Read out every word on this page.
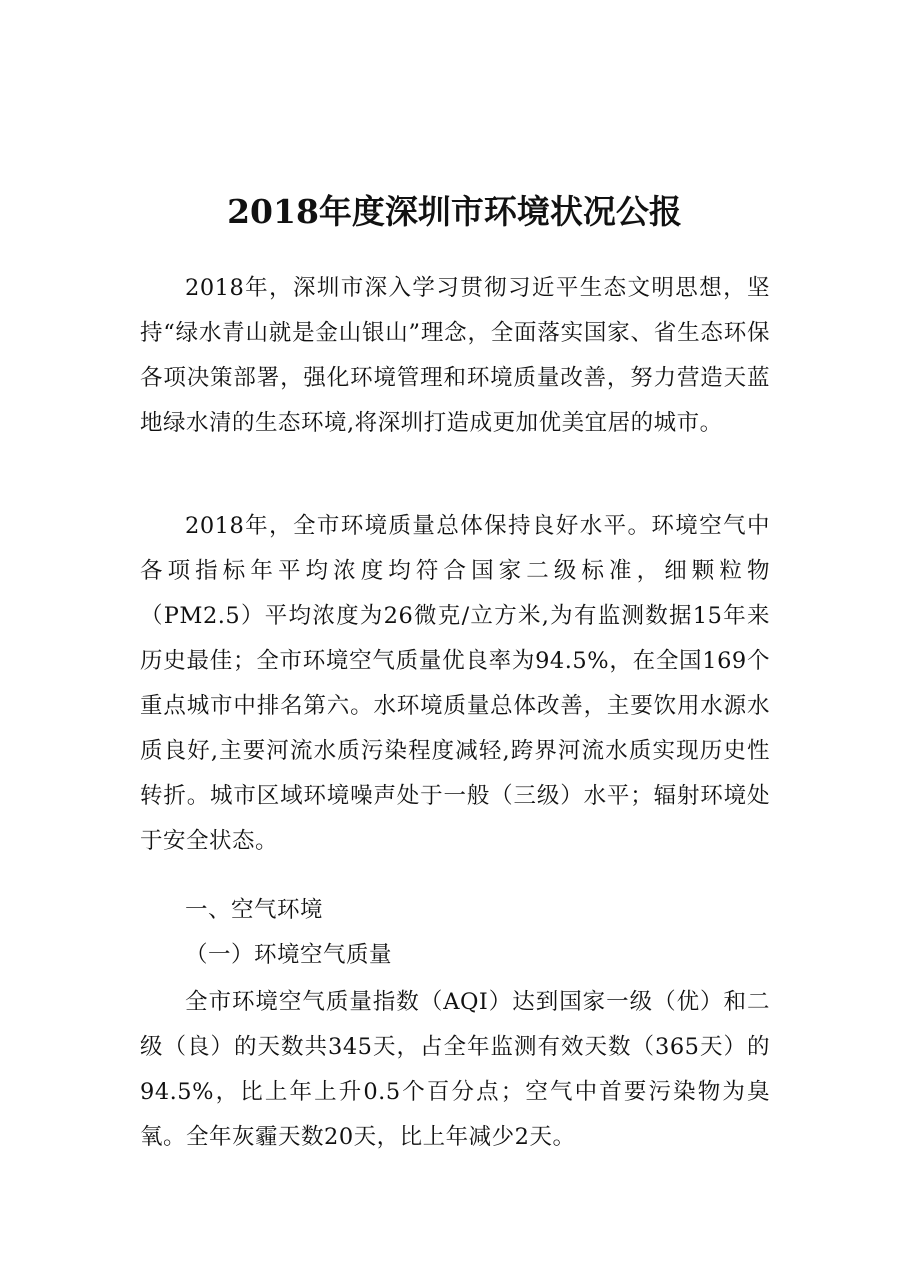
2018年度深圳市环境状况公报

2018年，深圳市深入学习贯彻习近平生态文明思想，坚持“绿水青山就是金山银山”理念，全面落实国家、省生态环保各项决策部署，强化环境管理和环境质量改善，努力营造天蓝地绿水清的生态环境,将深圳打造成更加优美宜居的城市。

2018年，全市环境质量总体保持良好水平。环境空气中各项指标年平均浓度均符合国家二级标准，细颗粒物（PM2.5）平均浓度为26微克/立方米,为有监测数据15年来历史最佳；全市环境空气质量优良率为94.5%，在全国169个重点城市中排名第六。水环境质量总体改善，主要饮用水源水质良好,主要河流水质污染程度减轻,跨界河流水质实现历史性转折。城市区域环境噪声处于一般（三级）水平；辐射环境处于安全状态。

一、空气环境

（一）环境空气质量

全市环境空气质量指数（AQI）达到国家一级（优）和二级（良）的天数共345天，占全年监测有效天数（365天）的94.5%，比上年上升0.5个百分点；空气中首要污染物为臭氧。全年灰霾天数20天，比上年减少2天。
